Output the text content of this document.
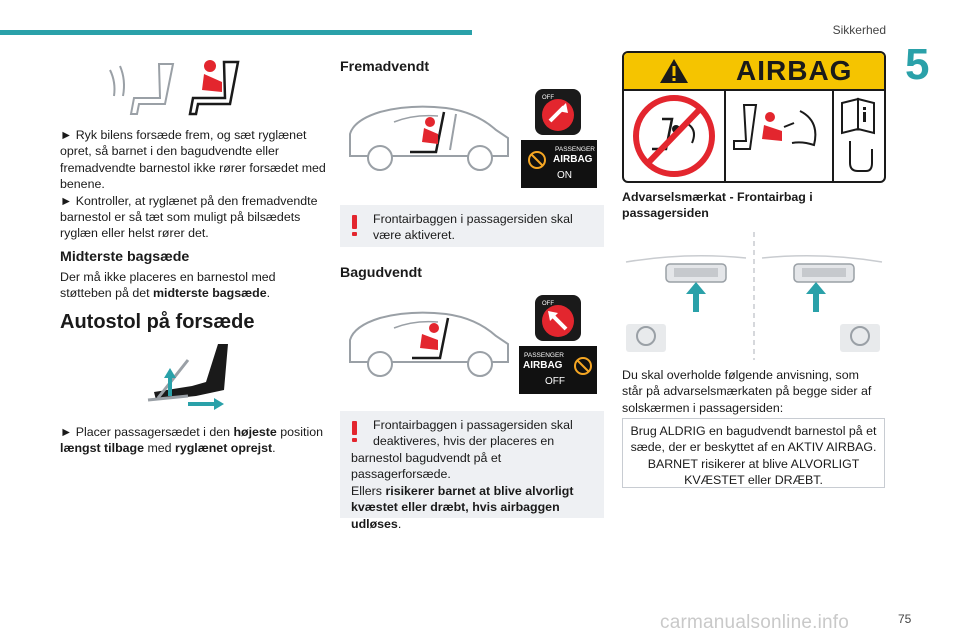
Sikkerhed
5

► Ryk bilens forsæde frem, og sæt ryglænet

opret, så barnet i den bagudvendte eller

fremadvendte barnestol ikke rører forsædet med

benene.

► Kontroller, at ryglænet på den fremadvendte

barnestol er så tæt som muligt på bilsædets

ryglæn eller helst rører det.

Midterste bagsæde

Der må ikke placeres en barnestol med

støtteben på det midterste bagsæde.

Autostol på forsæde

► Placer passagersædet i den højeste position

længst tilbage med ryglænet oprejst.

Fremadvendt
OFF
PASSENGER
AIRBAG
ON

Frontairbaggen i passagersiden skal

være aktiveret.

Bagudvendt
OFF
PASSENGER
AIRBAG
OFF

Frontairbaggen i passagersiden skal

deaktiveres, hvis der placeres en

barnestol bagudvendt på et passagerforsæde.

Ellers risikerer barnet at blive alvorligt

kvæstet eller dræbt, hvis airbaggen

udløses.

AIRBAG

Advarselsmærkat - Frontairbag i

passagersiden

Du skal overholde følgende anvisning, som

står på advarselsmærkaten på begge sider af

solskærmen i passagersiden:

Brug ALDRIG en bagudvendt barnestol på et

sæde, der er beskyttet af en AKTIV AIRBAG.

BARNET risikerer at blive ALVORLIGT

KVÆSTET eller DRÆBT.

carmanualsonline.info	75
